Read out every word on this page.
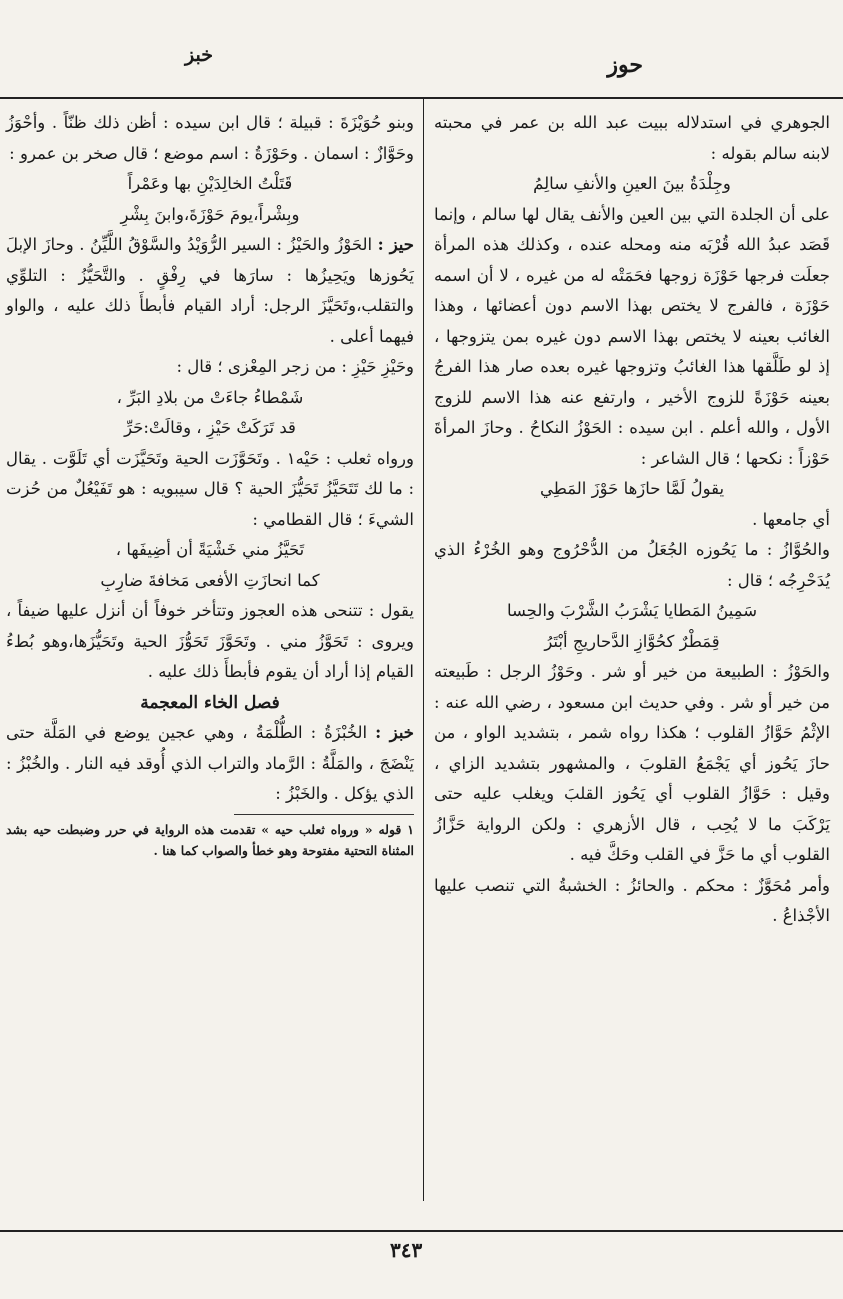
حوز
خبز

الجوهري في استدلاله ببيت عبد الله بن عمر في محبته لابنه سالم بقوله :

وجِلْدَةُ بينَ العينِ والأنفِ سالِمُ

على أن الجلدة التي بين العين والأنف يقال لها سالم ، وإنما قَصَد عبدُ الله قُرْبَه منه ومحله عنده ، وكذلك هذه المرأة جعلَت فرجها حَوْزَة زوجها فحَمَتْه له من غيره ، لا أن اسمه حَوْزَة ، فالفرج لا يختص بهذا الاسم دون أعضائها ، وهذا الغائب بعينه لا يختص بهذا الاسم دون غيره بمن يتزوجها ، إذ لو طَلَّقها هذا الغائبُ وتزوجها غيره بعده صار هذا الفرجُ بعينه حَوْزَةً للزوج الأخير ، وارتفع عنه هذا الاسم للزوج الأول ، والله أعلم . ابن سيده : الحَوْزُ النكاحُ . وحازَ المرأةَ حَوْزاً : نكحها ؛ قال الشاعر :

يقولُ لَمَّا حازَها حَوْزَ المَطِي

أي جامعها .

والحُوَّازُ : ما يَحُوزه الجُعَلُ من الدُّحْرُوج وهو الخُرْءُ الذي يُدَحْرِجُه ؛ قال :

سَمِينُ المَطايا يَشْرَبُ الشَّرْبَ والحِسا

قِمَطْرٌ كحُوَّازِ الدَّحاريجِ أبْتَرُ

والحَوْزُ : الطبيعة من خير أو شر . وحَوْزُ الرجل : طَبيعته من خير أو شر . وفي حديث ابن مسعود ، رضي الله عنه : الإثْمُ حَوَّازُ القلوب ؛ هكذا رواه شمر ، بتشديد الواو ، من حازَ يَحُوز أي يَجْمَعُ القلوبَ ، والمشهور بتشديد الزاي ، وقيل : حَوَّازُ القلوب أي يَحُوز القلبَ ويغلب عليه حتى يَرْكَبَ ما لا يُحِب ، قال الأزهري : ولكن الرواية حَزَّازُ القلوب أي ما حَزَّ في القلب وحَكَّ فيه .

وأمر مُحَوَّزٌ : محكم . والحائزُ : الخشبةُ التي تنصب عليها الأجْذاعُ .

وبنو حُوَيْزَةَ : قبيلة ؛ قال ابن سيده : أظن ذلك ظنّاً . وأحْوَزُ وحَوَّازٌ : اسمان . وحَوْزَةُ : اسم موضع ؛ قال صخر بن عمرو :

قَتَلْتُ الخالِدَيْنِ بها وعَمْراً

وبِشْراً،يومَ حَوْزَةَ،وابنَ بِشْرِ

حيز : الحَوْزُ والحَيْزُ : السير الرُّوَيْدُ والسَّوْقُ اللَّيِّنُ . وحازَ الإبلَ يَحُوزها ويَحِيزُها : سارَها في رِفْقٍ . والتَّحَيُّزُ : التلوِّي والتقلب،وتَحَيَّزَ الرجل: أراد القيام فأبطأَ ذلك عليه ، والواو فيهما أعلى .

وحَيْزِ حَيْزِ : من زجر المِعْزى ؛ قال :

شَمْطاءُ جاءَتْ من بلادِ البَرِّ ،

قد تَرَكَتْ حَيْزِ ، وقالَتْ:حَرِّ

ورواه ثعلب : حَيْه١ . وتَحَوَّزَت الحية وتَحَيَّزَت أي تَلَوَّت . يقال : ما لك تَتَحَيَّزُ تَحَيُّزَ الحية ؟ قال سيبويه : هو تَفَيْعُلٌ من حُزت الشيءَ ؛ قال القطامي :

تَحَيَّزُ مني خَشْيَةً أن أضِيفَها ،

كما انحازَتِ الأفعى مَخافةَ ضارِبِ

يقول : تتنحى هذه العجوز وتتأخر خوفاً أن أنزل عليها ضيفاً ، ويروى : تَحَوَّزُ مني . وتَحَوَّزَ تَحَوُّزَ الحية وتَحَيُّزَها،وهو بُطءُ القيام إذا أراد أن يقوم فأبطأَ ذلك عليه .

فصل الخاء المعجمة

خبز : الخُبْزَةُ : الطُّلْمَةُ ، وهي عجين يوضع في المَلَّة حتى يَنْضَجَ ، والمَلَّةُ : الرَّماد والتراب الذي أُوقد فيه النار . والخُبْزُ : الذي يؤكل . والخَبْزُ :

١ قوله « ورواه ثعلب حيه » تقدمت هذه الرواية في حرر وضبطت حيه بشد المثناة التحتية مفتوحة وهو خطأ والصواب كما هنا .

٣٤٣
